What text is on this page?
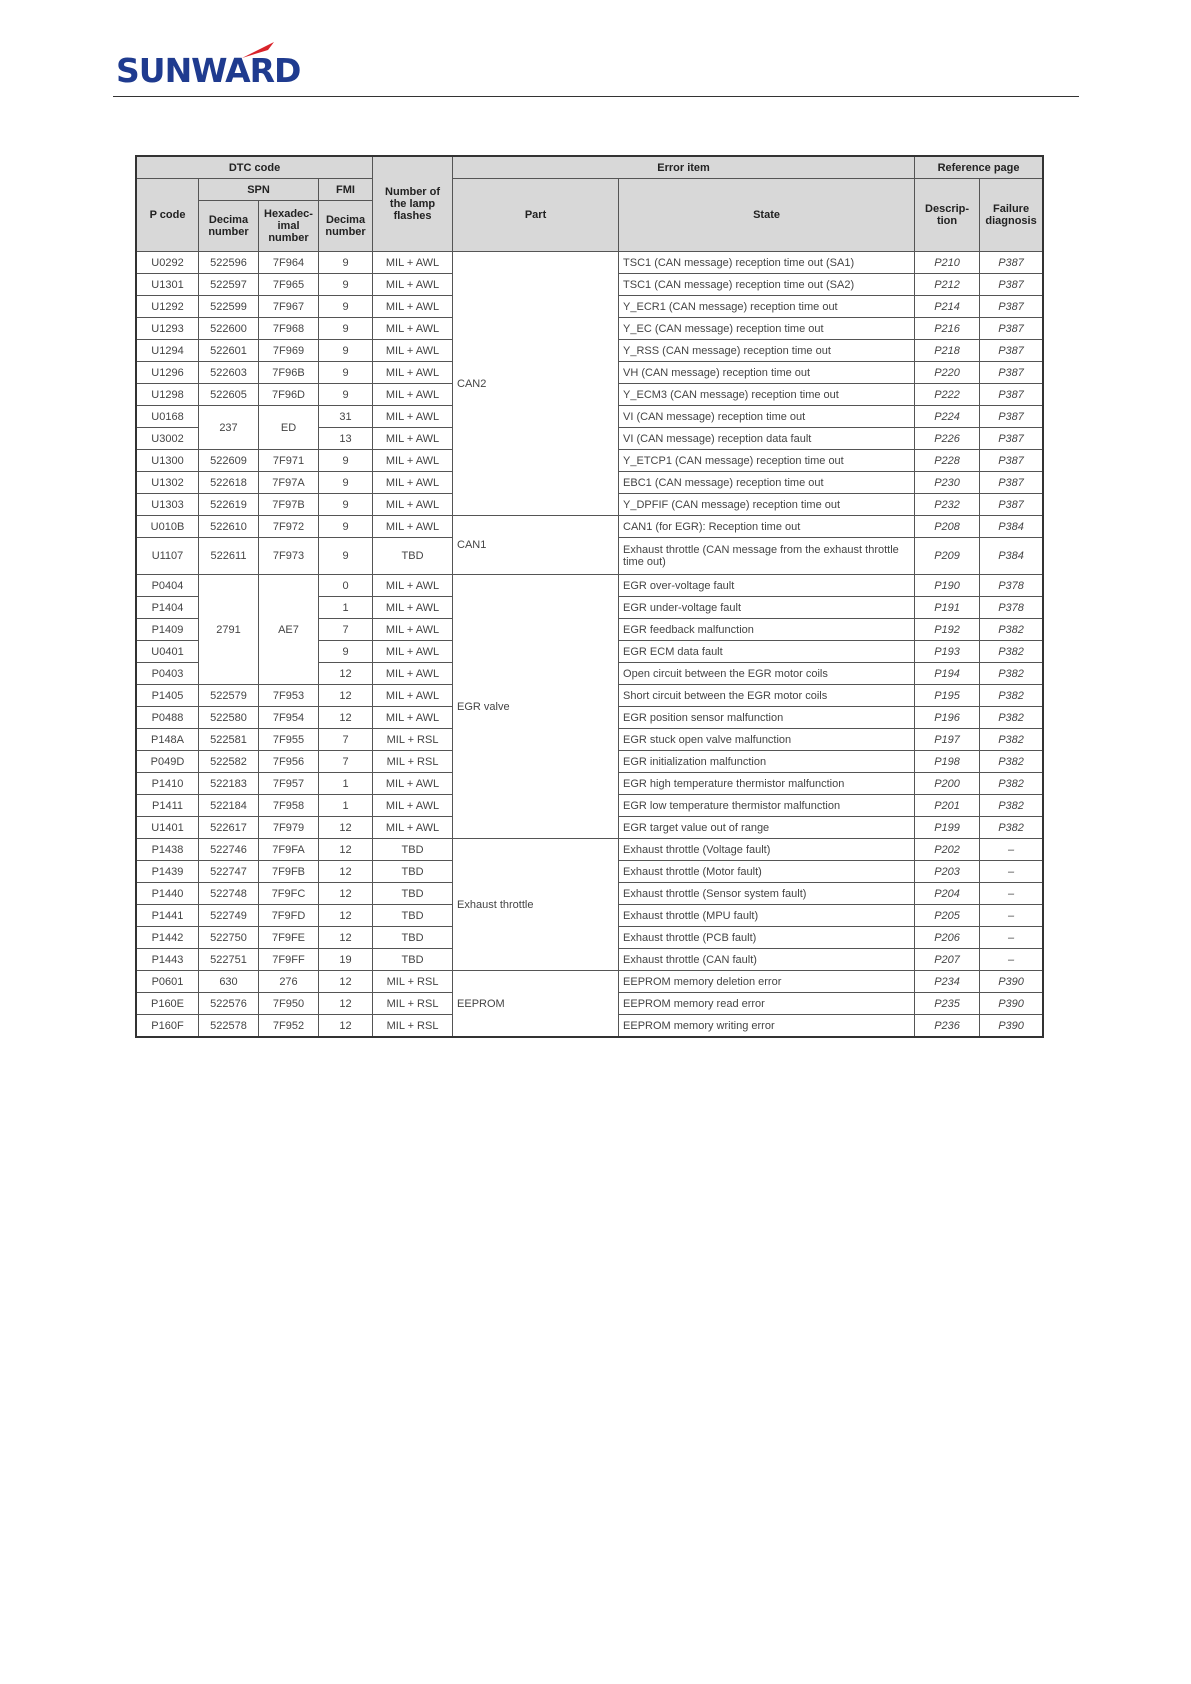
SUNWARD
DTC code				Number of the lamp flashes	Error item		Reference page	
P code	SPN		FMI		Part	State	Descrip-tion	Failure diagnosis
	Decima number	Hexadec-imal number	Decima number					
U0292	522596	7F964	9	MIL + AWL	CAN2	TSC1 (CAN message) reception time out (SA1)	P210	P387
U1301	522597	7F965	9	MIL + AWL		TSC1 (CAN message) reception time out (SA2)	P212	P387
U1292	522599	7F967	9	MIL + AWL		Y_ECR1 (CAN message) reception time out	P214	P387
U1293	522600	7F968	9	MIL + AWL		Y_EC (CAN message) reception time out	P216	P387
U1294	522601	7F969	9	MIL + AWL		Y_RSS (CAN message) reception time out	P218	P387
U1296	522603	7F96B	9	MIL + AWL		VH (CAN message) reception time out	P220	P387
U1298	522605	7F96D	9	MIL + AWL		Y_ECM3 (CAN message) reception time out	P222	P387
U0168	237	ED	31	MIL + AWL		VI (CAN message) reception time out	P224	P387
U3002			13	MIL + AWL		VI (CAN message) reception data fault	P226	P387
U1300	522609	7F971	9	MIL + AWL		Y_ETCP1 (CAN message) reception time out	P228	P387
U1302	522618	7F97A	9	MIL + AWL		EBC1 (CAN message) reception time out	P230	P387
U1303	522619	7F97B	9	MIL + AWL		Y_DPFIF (CAN message) reception time out	P232	P387
U010B	522610	7F972	9	MIL + AWL	CAN1	CAN1 (for EGR): Reception time out	P208	P384
U1107	522611	7F973	9	TBD		Exhaust throttle (CAN message from the exhaust throttle time out)	P209	P384
P0404	2791	AE7	0	MIL + AWL	EGR valve	EGR over-voltage fault	P190	P378
P1404			1	MIL + AWL		EGR under-voltage fault	P191	P378
P1409			7	MIL + AWL		EGR feedback malfunction	P192	P382
U0401			9	MIL + AWL		EGR ECM data fault	P193	P382
P0403			12	MIL + AWL		Open circuit between the EGR motor coils	P194	P382
P1405	522579	7F953	12	MIL + AWL		Short circuit between the EGR motor coils	P195	P382
P0488	522580	7F954	12	MIL + AWL		EGR position sensor malfunction	P196	P382
P148A	522581	7F955	7	MIL + RSL		EGR stuck open valve malfunction	P197	P382
P049D	522582	7F956	7	MIL + RSL		EGR initialization malfunction	P198	P382
P1410	522183	7F957	1	MIL + AWL		EGR high temperature thermistor malfunction	P200	P382
P1411	522184	7F958	1	MIL + AWL		EGR low temperature thermistor malfunction	P201	P382
U1401	522617	7F979	12	MIL + AWL		EGR target value out of range	P199	P382
P1438	522746	7F9FA	12	TBD	Exhaust throttle	Exhaust throttle (Voltage fault)	P202	–
P1439	522747	7F9FB	12	TBD		Exhaust throttle (Motor fault)	P203	–
P1440	522748	7F9FC	12	TBD		Exhaust throttle (Sensor system fault)	P204	–
P1441	522749	7F9FD	12	TBD		Exhaust throttle (MPU fault)	P205	–
P1442	522750	7F9FE	12	TBD		Exhaust throttle (PCB fault)	P206	–
P1443	522751	7F9FF	19	TBD		Exhaust throttle (CAN fault)	P207	–
P0601	630	276	12	MIL + RSL	EEPROM	EEPROM memory deletion error	P234	P390
P160E	522576	7F950	12	MIL + RSL		EEPROM memory read error	P235	P390
P160F	522578	7F952	12	MIL + RSL		EEPROM memory writing error	P236	P390
